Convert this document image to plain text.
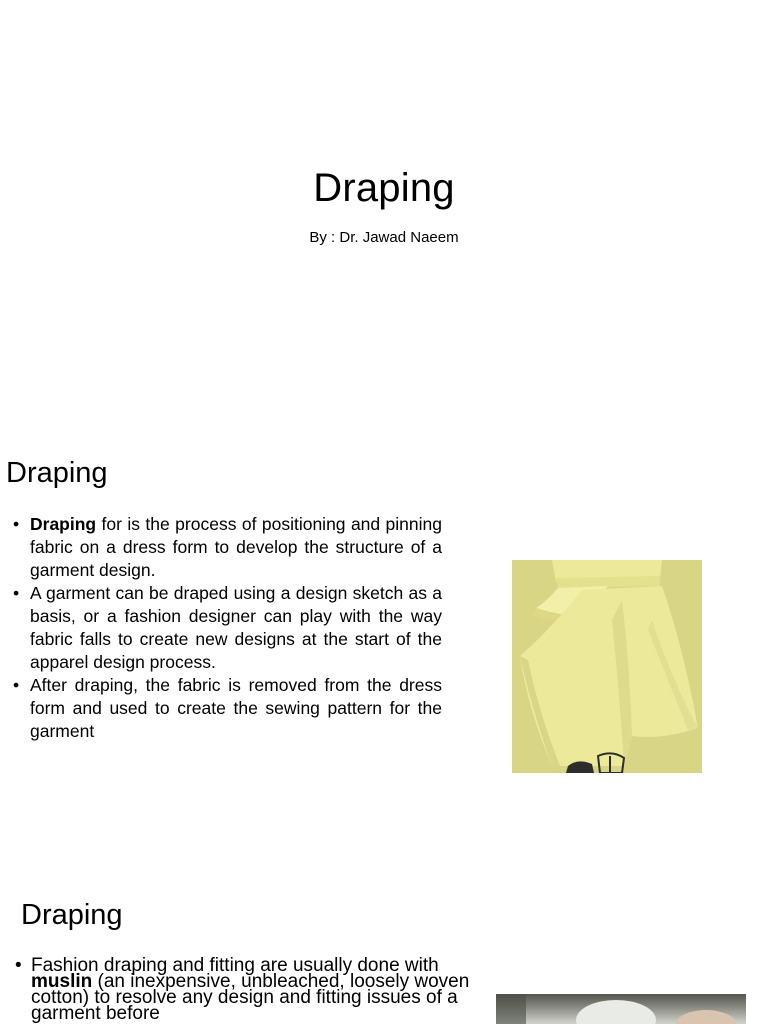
Draping

By : Dr. Jawad Naeem

Draping
• Draping for is the process of positioning and pinning fabric on a dress form to develop the structure of a garment design.
• A garment can be draped using a design sketch as a basis, or a fashion designer can play with the way fabric falls to create new designs at the start of the apparel design process.
• After draping, the fabric is removed from the dress form and used to create the sewing pattern for the garment
Draping
• Fashion draping and fitting are usually done with muslin (an inexpensive, unbleached, loosely woven cotton) to resolve any design and fitting issues of a garment before
